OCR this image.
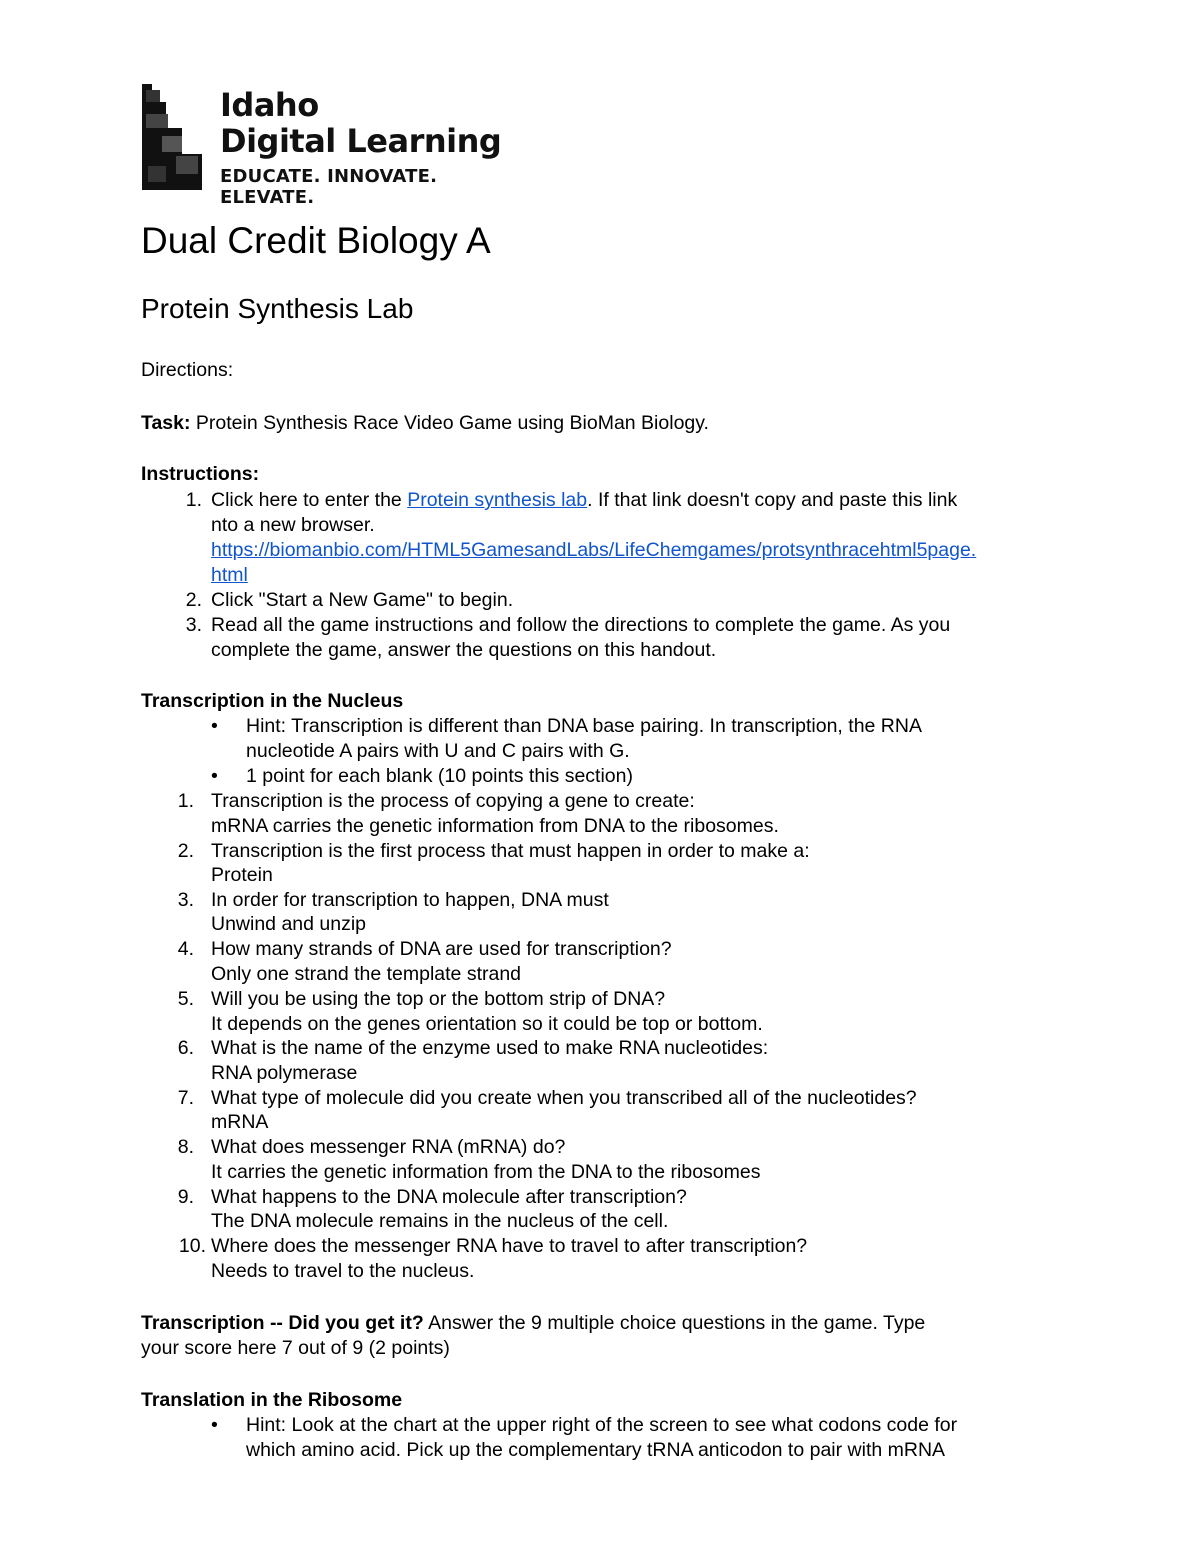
Idaho
Digital Learning
EDUCATE. INNOVATE. ELEVATE.
Dual Credit Biology A
Protein Synthesis Lab
Directions:
Task: Protein Synthesis Race Video Game using BioMan Biology.
Instructions:
1. Click here to enter the Protein synthesis lab. If that link doesn't copy and paste this link
nto a new browser.
https://biomanbio.com/HTML5GamesandLabs/LifeChemgames/protsynthracehtml5page.
html
2. Click "Start a New Game" to begin.
3. Read all the game instructions and follow the directions to complete the game. As you
complete the game, answer the questions on this handout.
Transcription in the Nucleus
• Hint: Transcription is different than DNA base pairing. In transcription, the RNA
nucleotide A pairs with U and C pairs with G.
• 1 point for each blank (10 points this section)
1. Transcription is the process of copying a gene to create:
mRNA carries the genetic information from DNA to the ribosomes.
2. Transcription is the first process that must happen in order to make a:
Protein
3. In order for transcription to happen, DNA must
Unwind and unzip
4. How many strands of DNA are used for transcription?
Only one strand the template strand
5. Will you be using the top or the bottom strip of DNA?
It depends on the genes orientation so it could be top or bottom.
6. What is the name of the enzyme used to make RNA nucleotides:
RNA polymerase
7. What type of molecule did you create when you transcribed all of the nucleotides?
mRNA
8. What does messenger RNA (mRNA) do?
It carries the genetic information from the DNA to the ribosomes
9. What happens to the DNA molecule after transcription?
The DNA molecule remains in the nucleus of the cell.
10. Where does the messenger RNA have to travel to after transcription?
Needs to travel to the nucleus.
Transcription -- Did you get it? Answer the 9 multiple choice questions in the game. Type
your score here 7 out of 9 (2 points)
Translation in the Ribosome
• Hint: Look at the chart at the upper right of the screen to see what codons code for
which amino acid. Pick up the complementary tRNA anticodon to pair with mRNA
